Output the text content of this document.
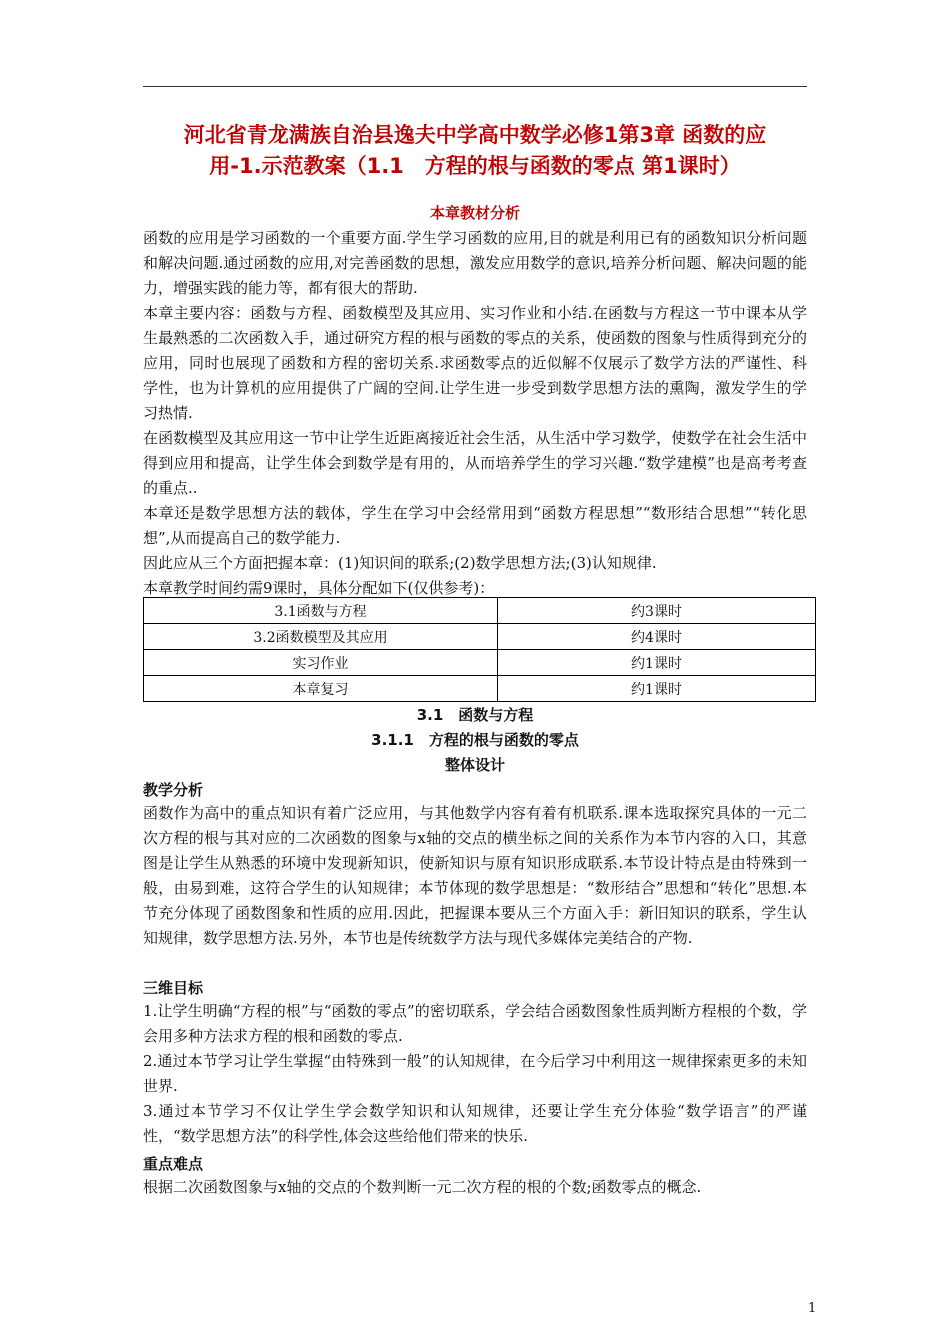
河北省青龙满族自治县逸夫中学高中数学必修1第3章 函数的应
用-1.示范教案（1.1　方程的根与函数的零点 第1课时）
本章教材分析

函数的应用是学习函数的一个重要方面.学生学习函数的应用,目的就是利用已有的函数知识分析问题和解决问题.通过函数的应用,对完善函数的思想，激发应用数学的意识,培养分析问题、解决问题的能力，增强实践的能力等，都有很大的帮助.

本章主要内容：函数与方程、函数模型及其应用、实习作业和小结.在函数与方程这一节中课本从学生最熟悉的二次函数入手，通过研究方程的根与函数的零点的关系，使函数的图象与性质得到充分的应用，同时也展现了函数和方程的密切关系.求函数零点的近似解不仅展示了数学方法的严谨性、科学性，也为计算机的应用提供了广阔的空间.让学生进一步受到数学思想方法的熏陶，激发学生的学习热情.

在函数模型及其应用这一节中让学生近距离接近社会生活，从生活中学习数学，使数学在社会生活中得到应用和提高，让学生体会到数学是有用的，从而培养学生的学习兴趣.“数学建模”也是高考考查的重点..

本章还是数学思想方法的载体，学生在学习中会经常用到“函数方程思想”“数形结合思想”“转化思想”,从而提高自己的数学能力.

因此应从三个方面把握本章：(1)知识间的联系;(2)数学思想方法;(3)认知规律.

本章教学时间约需9课时，具体分配如下(仅供参考)：

3.1函数与方程	约3课时
3.2函数模型及其应用	约4课时
实习作业	约1课时
本章复习	约1课时
3.1　函数与方程
3.1.1　方程的根与函数的零点
整体设计
教学分析

函数作为高中的重点知识有着广泛应用，与其他数学内容有着有机联系.课本选取探究具体的一元二次方程的根与其对应的二次函数的图象与x轴的交点的横坐标之间的关系作为本节内容的入口，其意图是让学生从熟悉的环境中发现新知识，使新知识与原有知识形成联系.本节设计特点是由特殊到一般，由易到难，这符合学生的认知规律；本节体现的数学思想是：“数形结合”思想和“转化”思想.本节充分体现了函数图象和性质的应用.因此，把握课本要从三个方面入手：新旧知识的联系，学生认知规律，数学思想方法.另外，本节也是传统数学方法与现代多媒体完美结合的产物.

三维目标

1.让学生明确“方程的根”与“函数的零点”的密切联系，学会结合函数图象性质判断方程根的个数，学会用多种方法求方程的根和函数的零点.

2.通过本节学习让学生掌握“由特殊到一般”的认知规律，在今后学习中利用这一规律探索更多的未知世界.

3.通过本节学习不仅让学生学会数学知识和认知规律，还要让学生充分体验“数学语言”的严谨性，“数学思想方法”的科学性,体会这些给他们带来的快乐.

重点难点

根据二次函数图象与x轴的交点的个数判断一元二次方程的根的个数;函数零点的概念.

1
